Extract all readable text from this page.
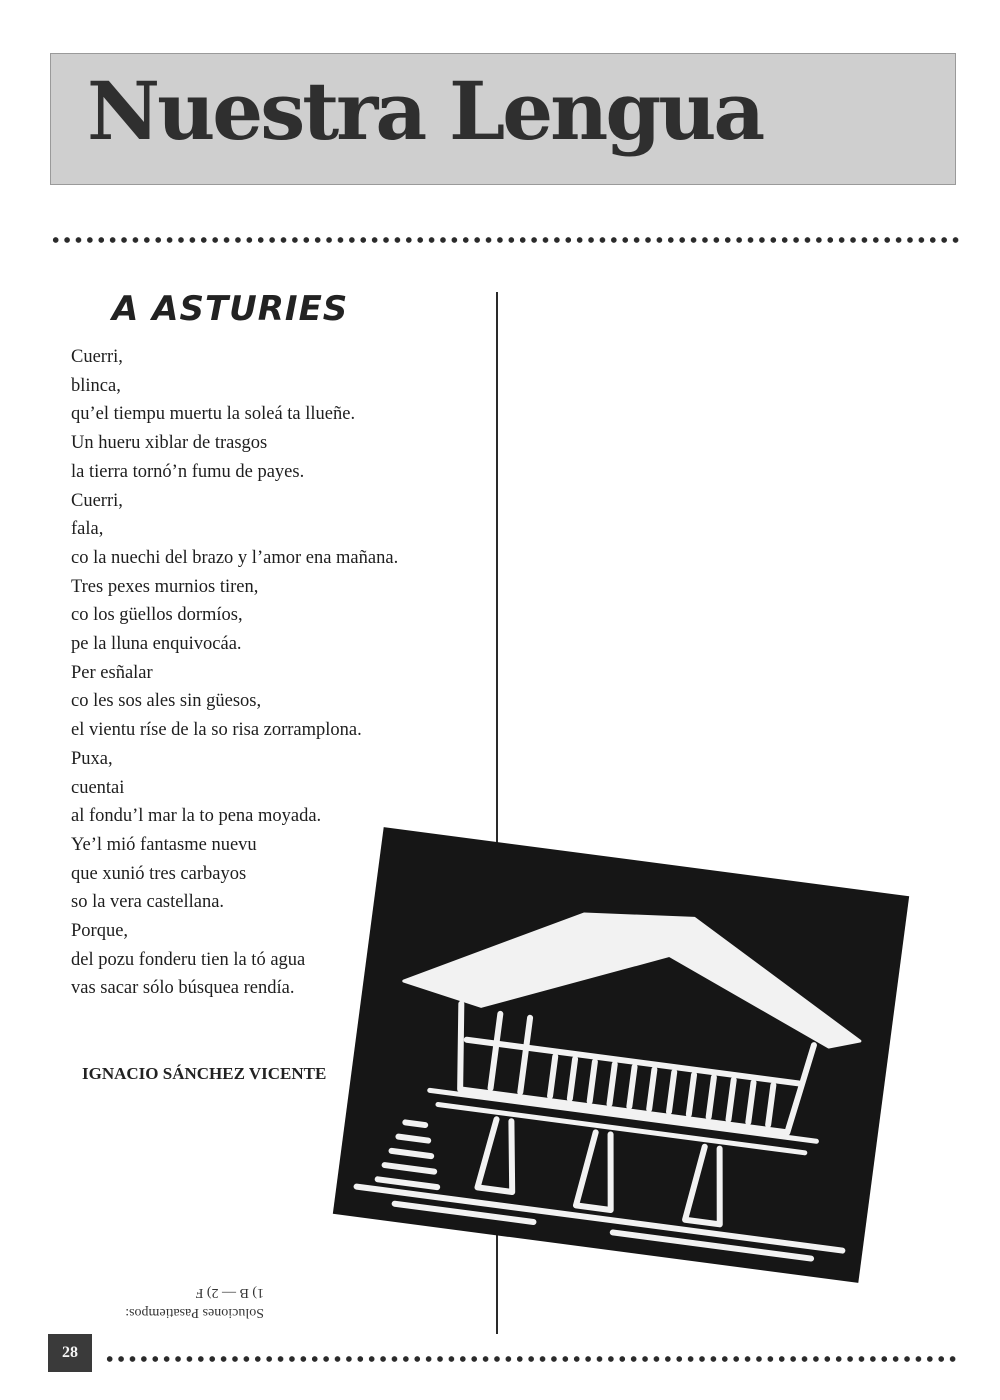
Nuestra Lengua
A ASTURIES
Cuerri,
blinca,
qu’el tiempu muertu la soleá ta llueñe.
Un hueru xiblar de trasgos
la tierra tornó’n fumu de payes.
Cuerri,
fala,
co la nuechi del brazo y l’amor ena mañana.
Tres pexes murnios tiren,
co los güellos dormíos,
pe la lluna enquivocáa.
Per esñalar
co les sos ales sin güesos,
el vientu ríse de la so risa zorramplona.
Puxa,
cuentai
al fondu’l mar la to pena moyada.
Ye’l mió fantasme nuevu
que xunió tres carbayos
so la vera castellana.
Porque,
del pozu fonderu tien la tó agua
vas sacar sólo búsquea rendía.
IGNACIO SÁNCHEZ VICENTE
Soluciones Pasatiempos:
1) B — 2) F
28
